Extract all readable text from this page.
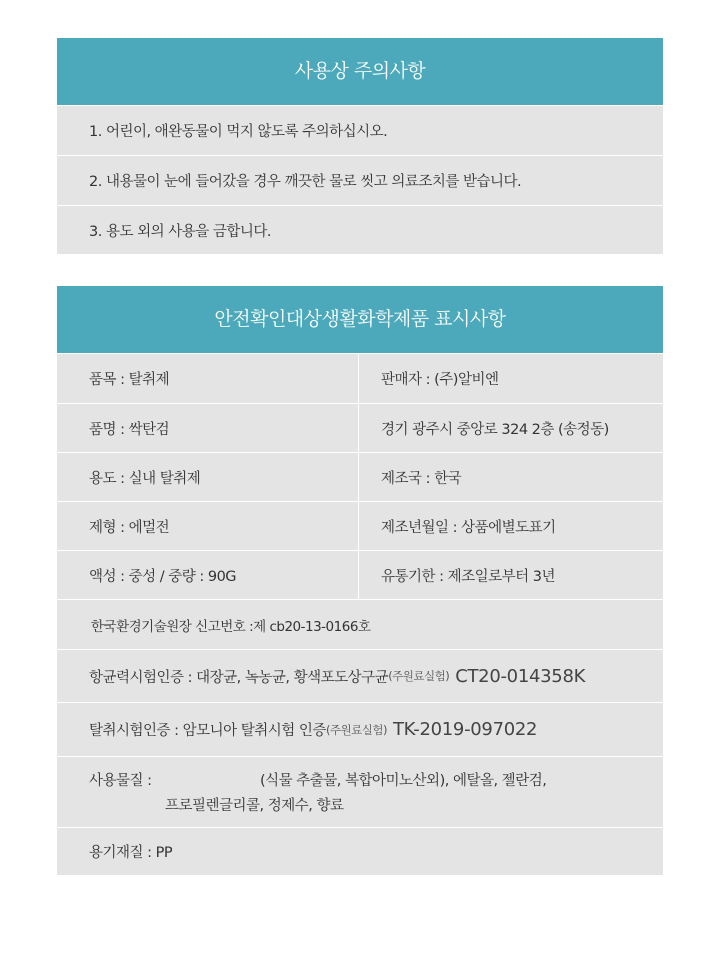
사용상 주의사항
1. 어린이, 애완동물이 먹지 않도록 주의하십시오.
2. 내용물이 눈에 들어갔을 경우 깨끗한 물로 씻고 의료조치를 받습니다.
3. 용도 외의 사용을 금합니다.
안전확인대상생활화학제품 표시사항
품목 : 탈취제	판매자 : (주)알비엔
품명 : 싹탄검	경기 광주시 중앙로 324 2층 (송정동)
용도 : 실내 탈취제	제조국 : 한국
제형 : 에멀전	제조년월일 : 상품에별도표기
액성 : 중성 / 중량 : 90G	유통기한 : 제조일로부터 3년
한국환경기술원장 신고번호 :제 cb20-13-0166호
항균력시험인증 : 대장균, 녹농균, 황색포도상구균 (주원료실험) CT20-014358K
탈취시험인증 : 암모니아 탈취시험 인증 (주원료실험) TK-2019-097022
사용물질 :	(식물 추출물, 복합아미노산외), 에탈올, 젤란검,
프로필렌글리콜, 정제수, 향료
용기재질 : PP
